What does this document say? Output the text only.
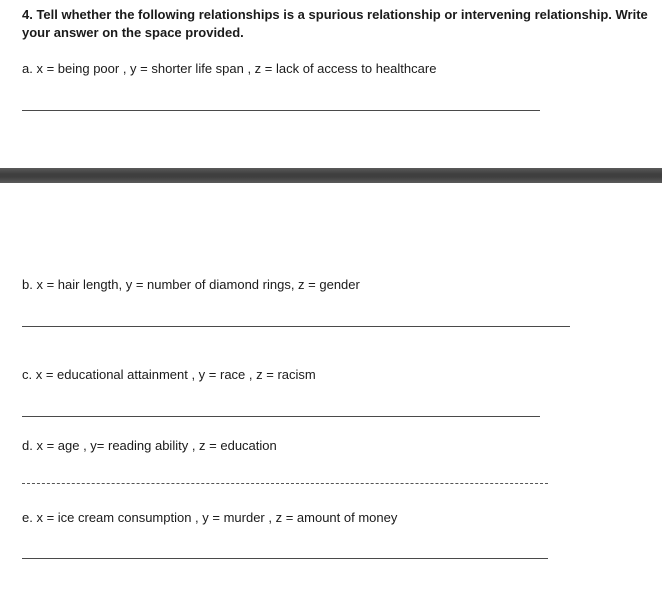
4. Tell whether the following relationships is a spurious relationship or intervening relationship. Write
your answer on the space provided.
a. x = being poor , y = shorter life span , z = lack of access to healthcare
b. x = hair length, y = number of diamond rings, z = gender
c. x = educational attainment , y = race , z = racism
d. x = age , y= reading ability , z = education
e. x = ice cream consumption , y = murder , z = amount of money
